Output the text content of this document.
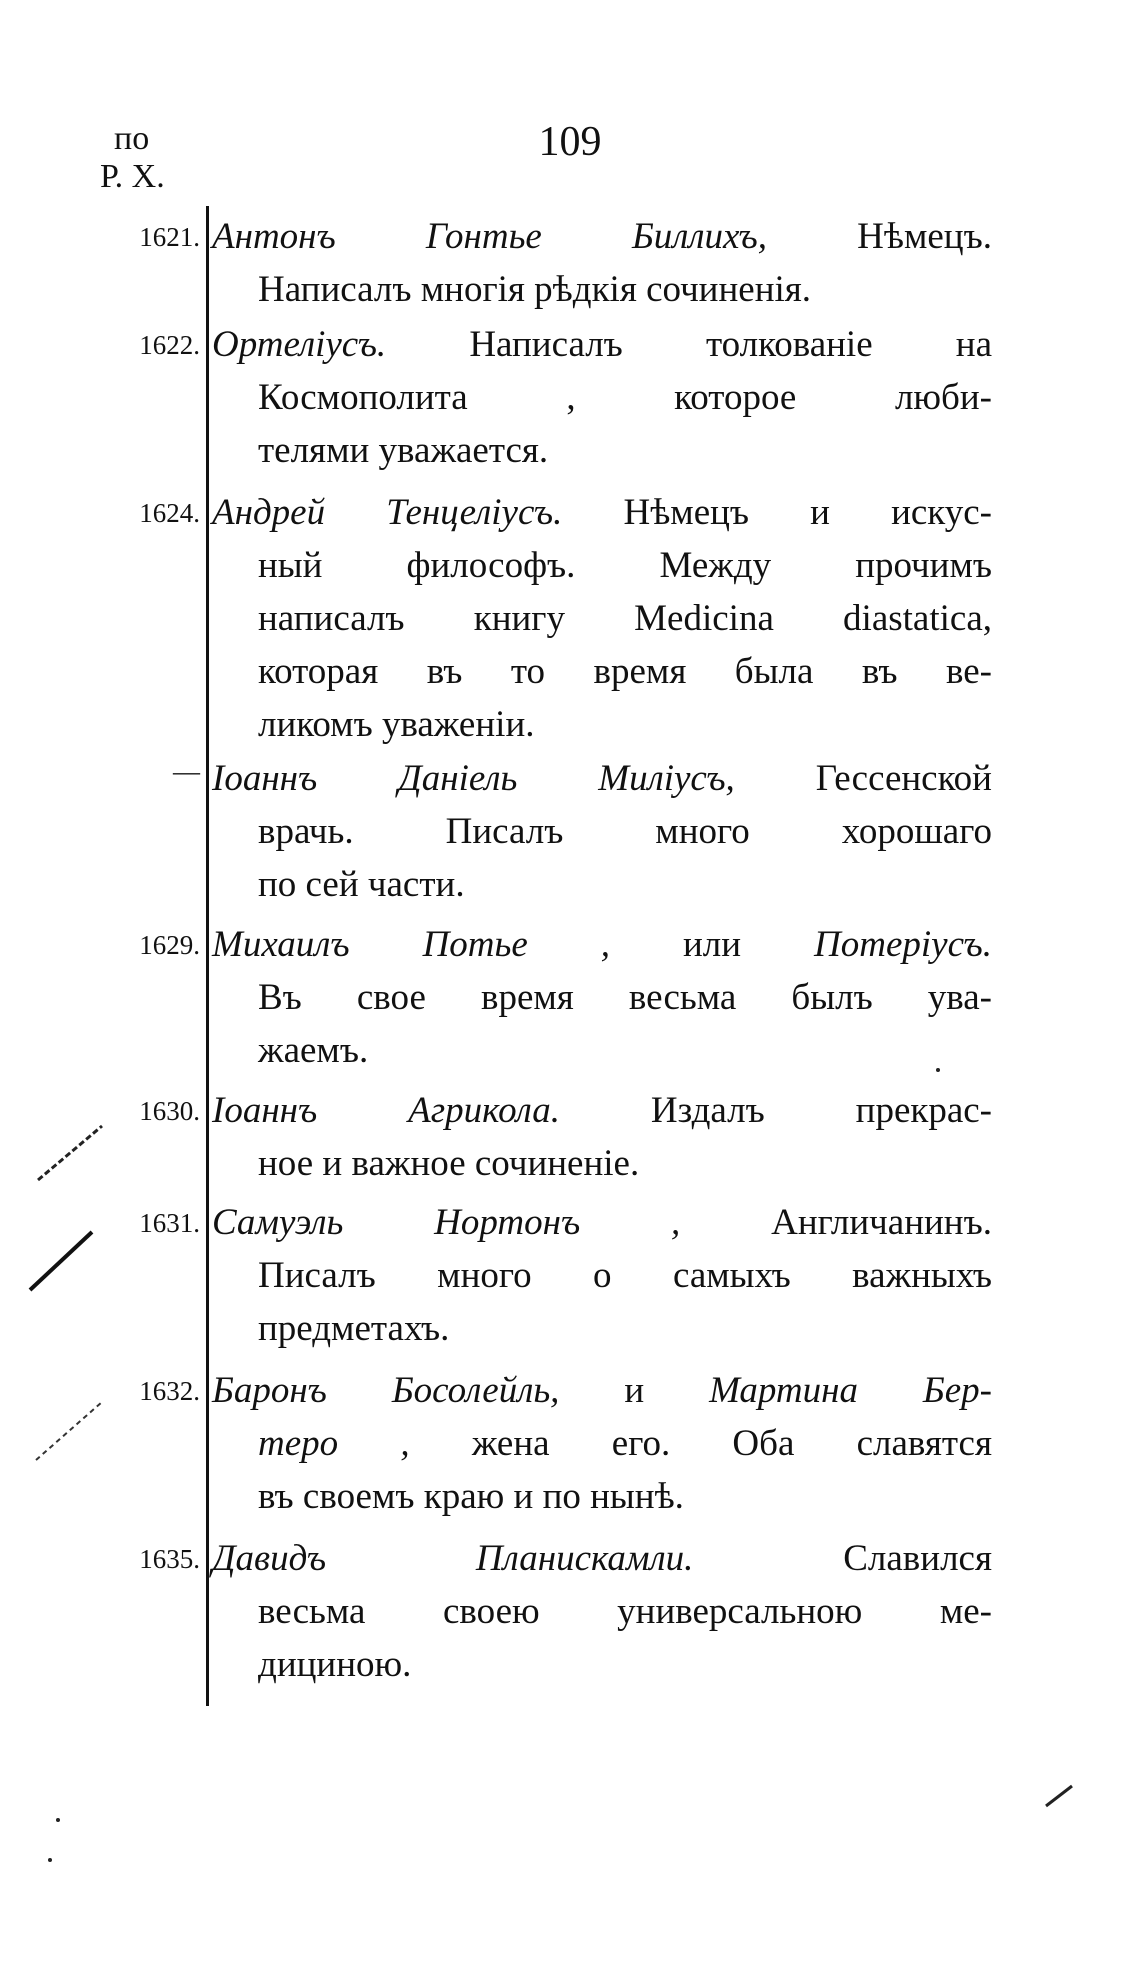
по
Р. Х.
109
1621. Антонъ Гонтье Биллихъ, Нѣмецъ.
Написалъ многія рѣдкія сочиненія.
1622. Ортеліусъ. Написалъ толкованіе на
Космополита , которое люби-
телями уважается.
1624. Андрей Тенцеліусъ. Нѣмецъ и искус-
ный философъ. Между прочимъ
написалъ книгу Medicina diastatica,
которая въ то время была въ ве-
ликомъ уваженіи.
— Іоаннъ Даніель Миліусъ, Гессенской
врачь. Писалъ много хорошаго
по сей части.
1629. Михаилъ Потье , или Потеріусъ.
Въ свое время весьма былъ ува-
жаемъ.
1630. Іоаннъ Агрикола. Издалъ прекрас-
ное и важное сочиненіе.
1631. Самуэль Нортонъ , Англичанинъ.
Писалъ много о самыхъ важныхъ
предметахъ.
1632. Баронъ Босолейль, и Мартина Бер-
теро , жена его. Оба славятся
въ своемъ краю и по нынѣ.
1635. Давидъ Планискамли. Славился
весьма своею универсальною ме-
дициною.
